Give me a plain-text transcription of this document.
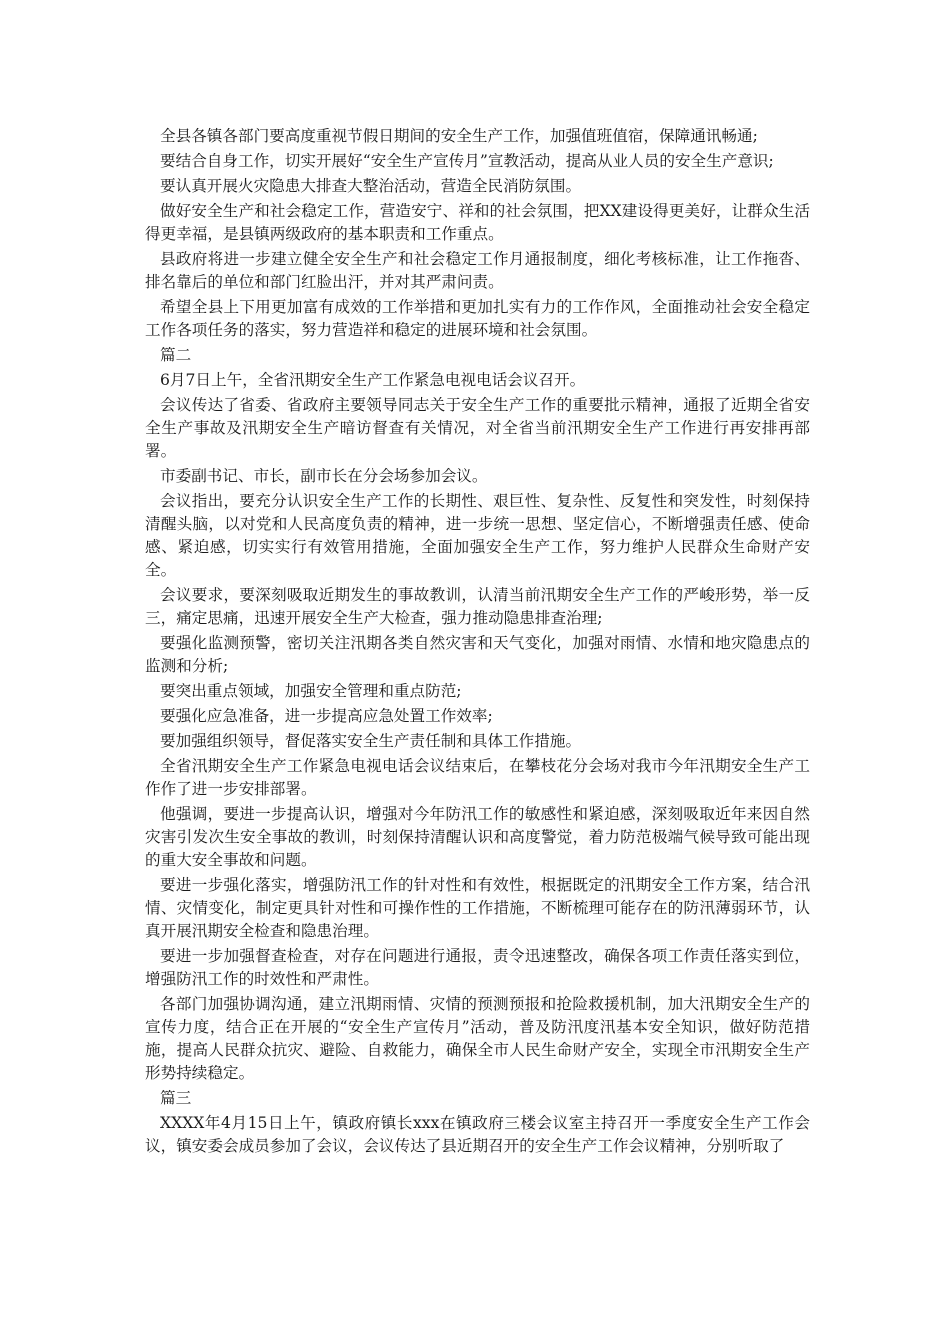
全县各镇各部门要高度重视节假日期间的安全生产工作，加强值班值宿，保障通讯畅通;

要结合自身工作，切实开展好“安全生产宣传月”宣教活动，提高从业人员的安全生产意识;

要认真开展火灾隐患大排查大整治活动，营造全民消防氛围。

做好安全生产和社会稳定工作，营造安宁、祥和的社会氛围，把XX建设得更美好，让群众生活得更幸福，是县镇两级政府的基本职责和工作重点。

县政府将进一步建立健全安全生产和社会稳定工作月通报制度，细化考核标准，让工作拖沓、排名靠后的单位和部门红脸出汗，并对其严肃问责。

希望全县上下用更加富有成效的工作举措和更加扎实有力的工作作风，全面推动社会安全稳定工作各项任务的落实，努力营造祥和稳定的进展环境和社会氛围。

篇二

6月7日上午，全省汛期安全生产工作紧急电视电话会议召开。

会议传达了省委、省政府主要领导同志关于安全生产工作的重要批示精神，通报了近期全省安全生产事故及汛期安全生产暗访督查有关情况，对全省当前汛期安全生产工作进行再安排再部署。

市委副书记、市长，副市长在分会场参加会议。

会议指出，要充分认识安全生产工作的长期性、艰巨性、复杂性、反复性和突发性，时刻保持清醒头脑，以对党和人民高度负责的精神，进一步统一思想、坚定信心，不断增强责任感、使命感、紧迫感，切实实行有效管用措施，全面加强安全生产工作，努力维护人民群众生命财产安全。

会议要求，要深刻吸取近期发生的事故教训，认清当前汛期安全生产工作的严峻形势，举一反三，痛定思痛，迅速开展安全生产大检查，强力推动隐患排查治理;

要强化监测预警，密切关注汛期各类自然灾害和天气变化，加强对雨情、水情和地灾隐患点的监测和分析;

要突出重点领域，加强安全管理和重点防范;

要强化应急准备，进一步提高应急处置工作效率;

要加强组织领导，督促落实安全生产责任制和具体工作措施。

全省汛期安全生产工作紧急电视电话会议结束后，在攀枝花分会场对我市今年汛期安全生产工作作了进一步安排部署。

他强调，要进一步提高认识，增强对今年防汛工作的敏感性和紧迫感，深刻吸取近年来因自然灾害引发次生安全事故的教训，时刻保持清醒认识和高度警觉，着力防范极端气候导致可能出现的重大安全事故和问题。

要进一步强化落实，增强防汛工作的针对性和有效性，根据既定的汛期安全工作方案，结合汛情、灾情变化，制定更具针对性和可操作性的工作措施，不断梳理可能存在的防汛薄弱环节，认真开展汛期安全检查和隐患治理。

要进一步加强督查检查，对存在问题进行通报，责令迅速整改，确保各项工作责任落实到位，增强防汛工作的时效性和严肃性。

各部门加强协调沟通，建立汛期雨情、灾情的预测预报和抢险救援机制，加大汛期安全生产的宣传力度，结合正在开展的“安全生产宣传月”活动，普及防汛度汛基本安全知识，做好防范措施，提高人民群众抗灾、避险、自救能力，确保全市人民生命财产安全，实现全市汛期安全生产形势持续稳定。

篇三

XXXX年4月15日上午，镇政府镇长xxx在镇政府三楼会议室主持召开一季度安全生产工作会议，镇安委会成员参加了会议，会议传达了县近期召开的安全生产工作会议精神，分别听取了
